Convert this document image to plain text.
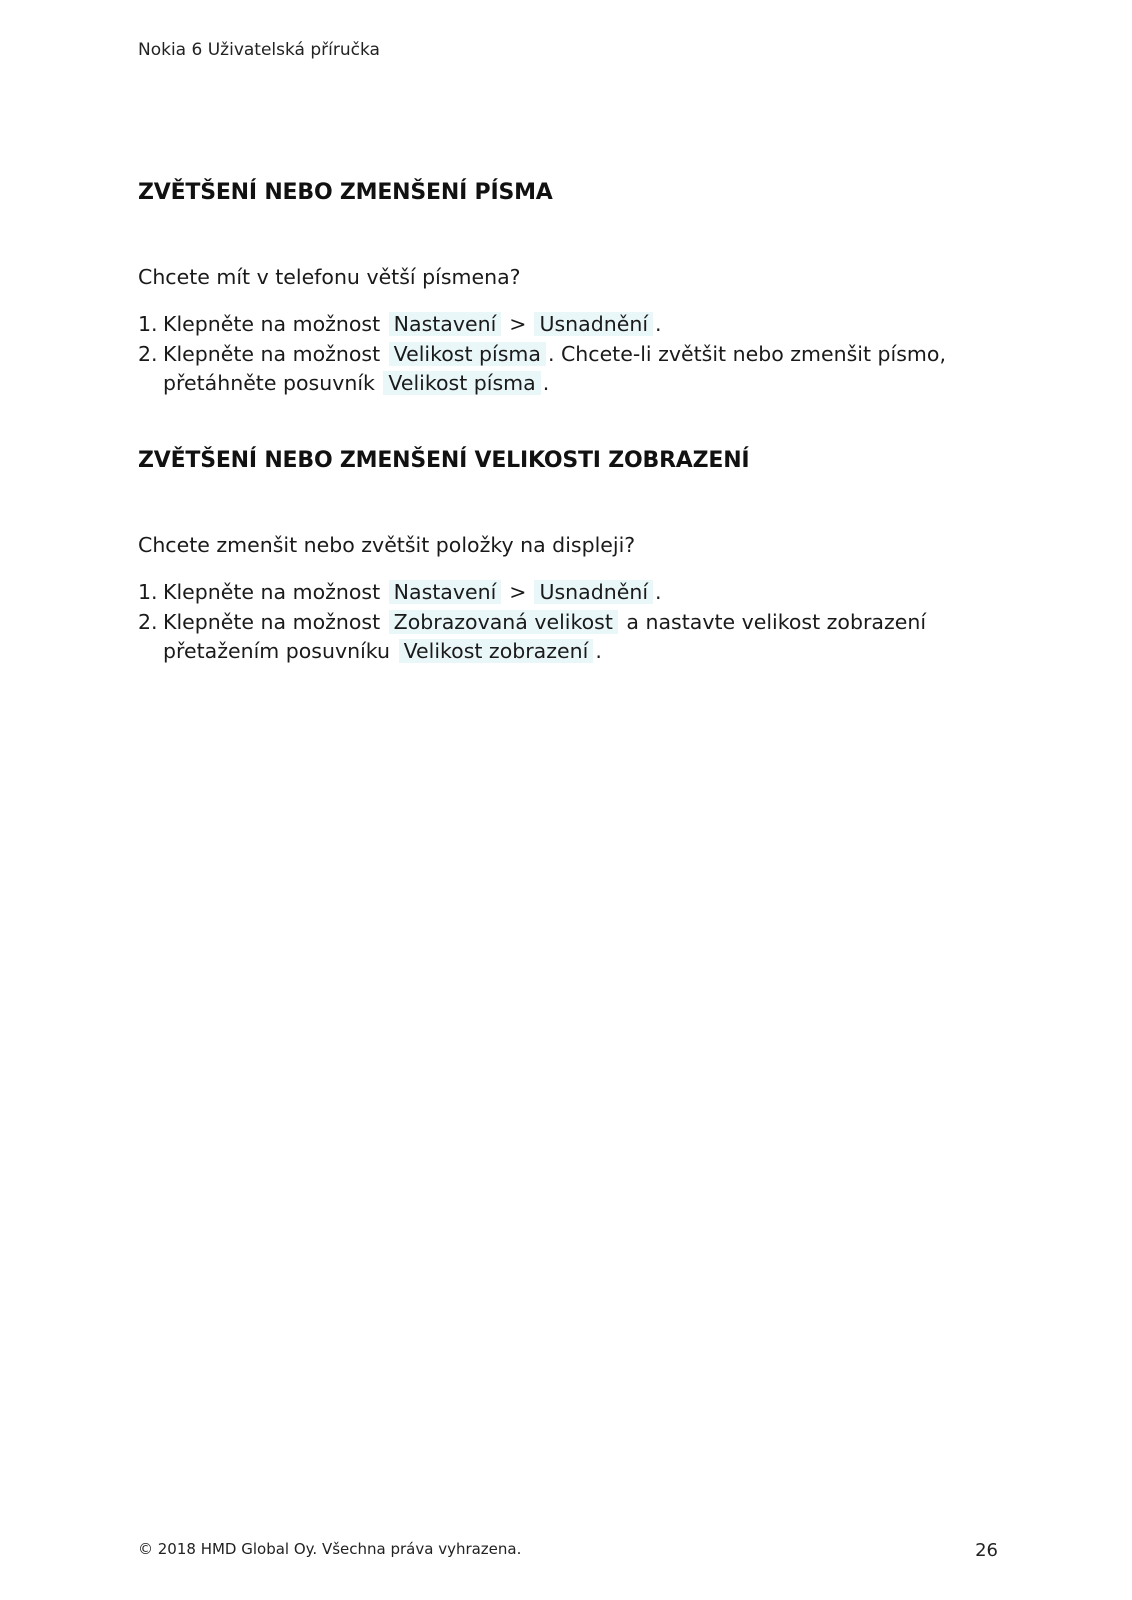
Nokia 6 Uživatelská příručka
ZVĚTŠENÍ NEBO ZMENŠENÍ PÍSMA

Chcete mít v telefonu větší písmena?

1. Klepněte na možnost Nastavení > Usnadnění .
2. Klepněte na možnost Velikost písma . Chcete-li zvětšit nebo zmenšit písmo,
přetáhněte posuvník Velikost písma .
ZVĚTŠENÍ NEBO ZMENŠENÍ VELIKOSTI ZOBRAZENÍ

Chcete zmenšit nebo zvětšit položky na displeji?

1. Klepněte na možnost Nastavení > Usnadnění .
2. Klepněte na možnost Zobrazovaná velikost a nastavte velikost zobrazení
přetažením posuvníku Velikost zobrazení .
© 2018 HMD Global Oy. Všechna práva vyhrazena.	26
